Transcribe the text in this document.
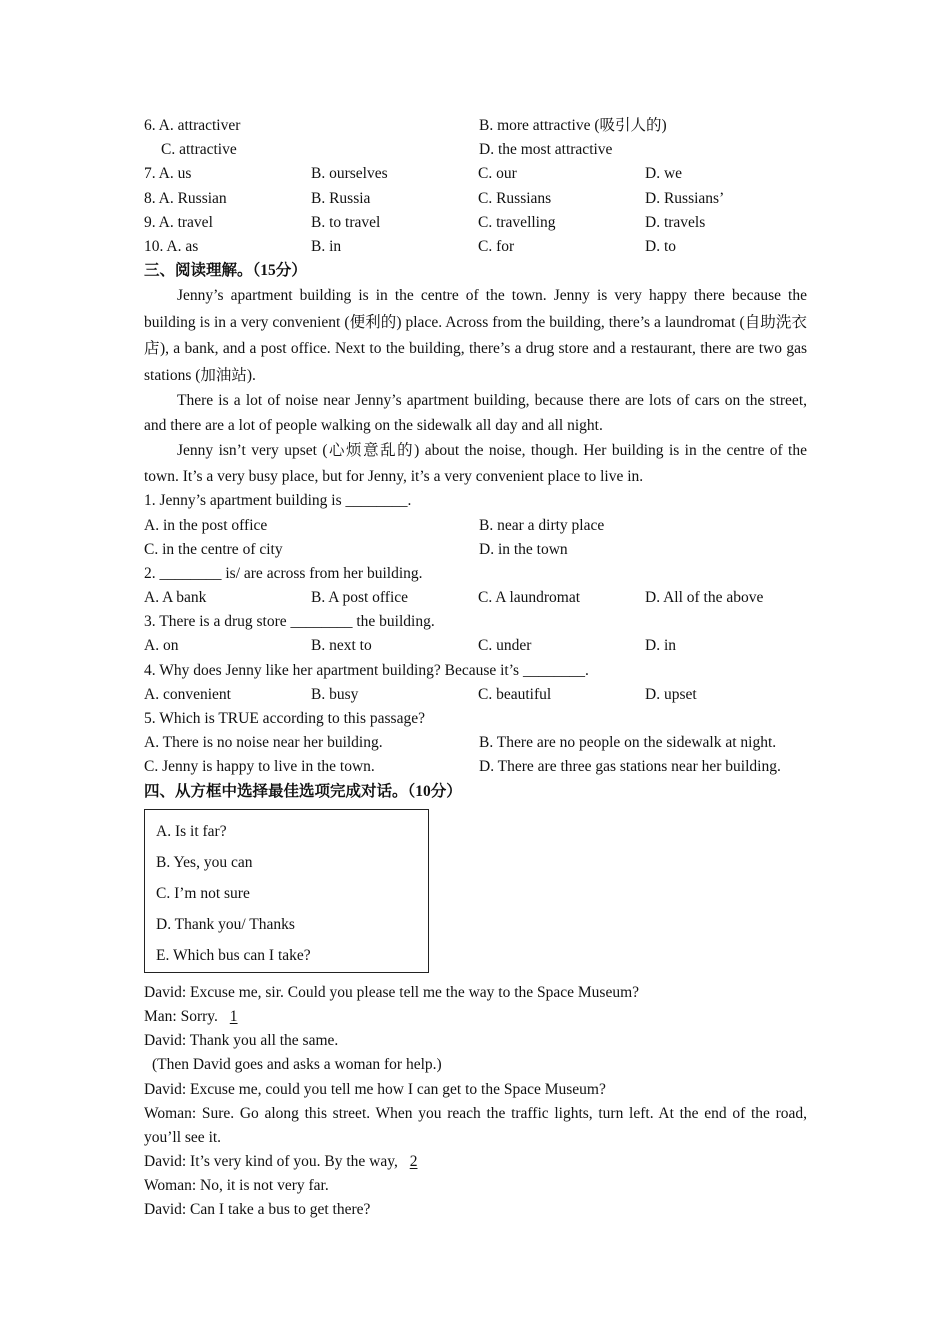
6. A. attractiver	B. more attractive (吸引人的)
C. attractive	D. the most attractive
7. A. us	B. ourselves	C. our	D. we
8. A. Russian	B. Russia	C. Russians	D. Russians’
9. A. travel	B. to travel	C. travelling	D. travels
10. A. as	B. in	C. for	D. to
三、阅读理解。（15分）

Jenny’s apartment building is in the centre of the town. Jenny is very happy there because the building is in a very convenient (便利的) place. Across from the building, there’s a laundromat (自助洗衣店), a bank, and a post office. Next to the building, there’s a drug store and a restaurant, there are two gas stations (加油站).

There is a lot of noise near Jenny’s apartment building, because there are lots of cars on the street, and there are a lot of people walking on the sidewalk all day and all night.

Jenny isn’t very upset (心烦意乱的) about the noise, though. Her building is in the centre of the town. It’s a very busy place, but for Jenny, it’s a very convenient place to live in.

1. Jenny’s apartment building is ________.
A. in the post office	B. near a dirty place
C. in the centre of city	D. in the town
2. ________ is/ are across from her building.
A. A bank	B. A post office	C. A laundromat	D. All of the above
3. There is a drug store ________ the building.
A. on	B. next to	C. under	D. in
4. Why does Jenny like her apartment building? Because it’s ________.
A. convenient	B. busy	C. beautiful	D. upset
5. Which is TRUE according to this passage?
A. There is no noise near her building.	B. There are no people on the sidewalk at night.
C. Jenny is happy to live in the town.	D. There are three gas stations near her building.
四、从方框中选择最佳选项完成对话。（10分）
A. Is it far?
B. Yes, you can
C. I’m not sure
D. Thank you/ Thanks
E. Which bus can I take?
David: Excuse me, sir. Could you please tell me the way to the Space Museum?
Man: Sorry. 1
David: Thank you all the same.
(Then David goes and asks a woman for help.)
David: Excuse me, could you tell me how I can get to the Space Museum?
Woman: Sure. Go along this street. When you reach the traffic lights, turn left. At the end of the road, you’ll see it.
David: It’s very kind of you. By the way, 2
Woman: No, it is not very far.
David: Can I take a bus to get there?
